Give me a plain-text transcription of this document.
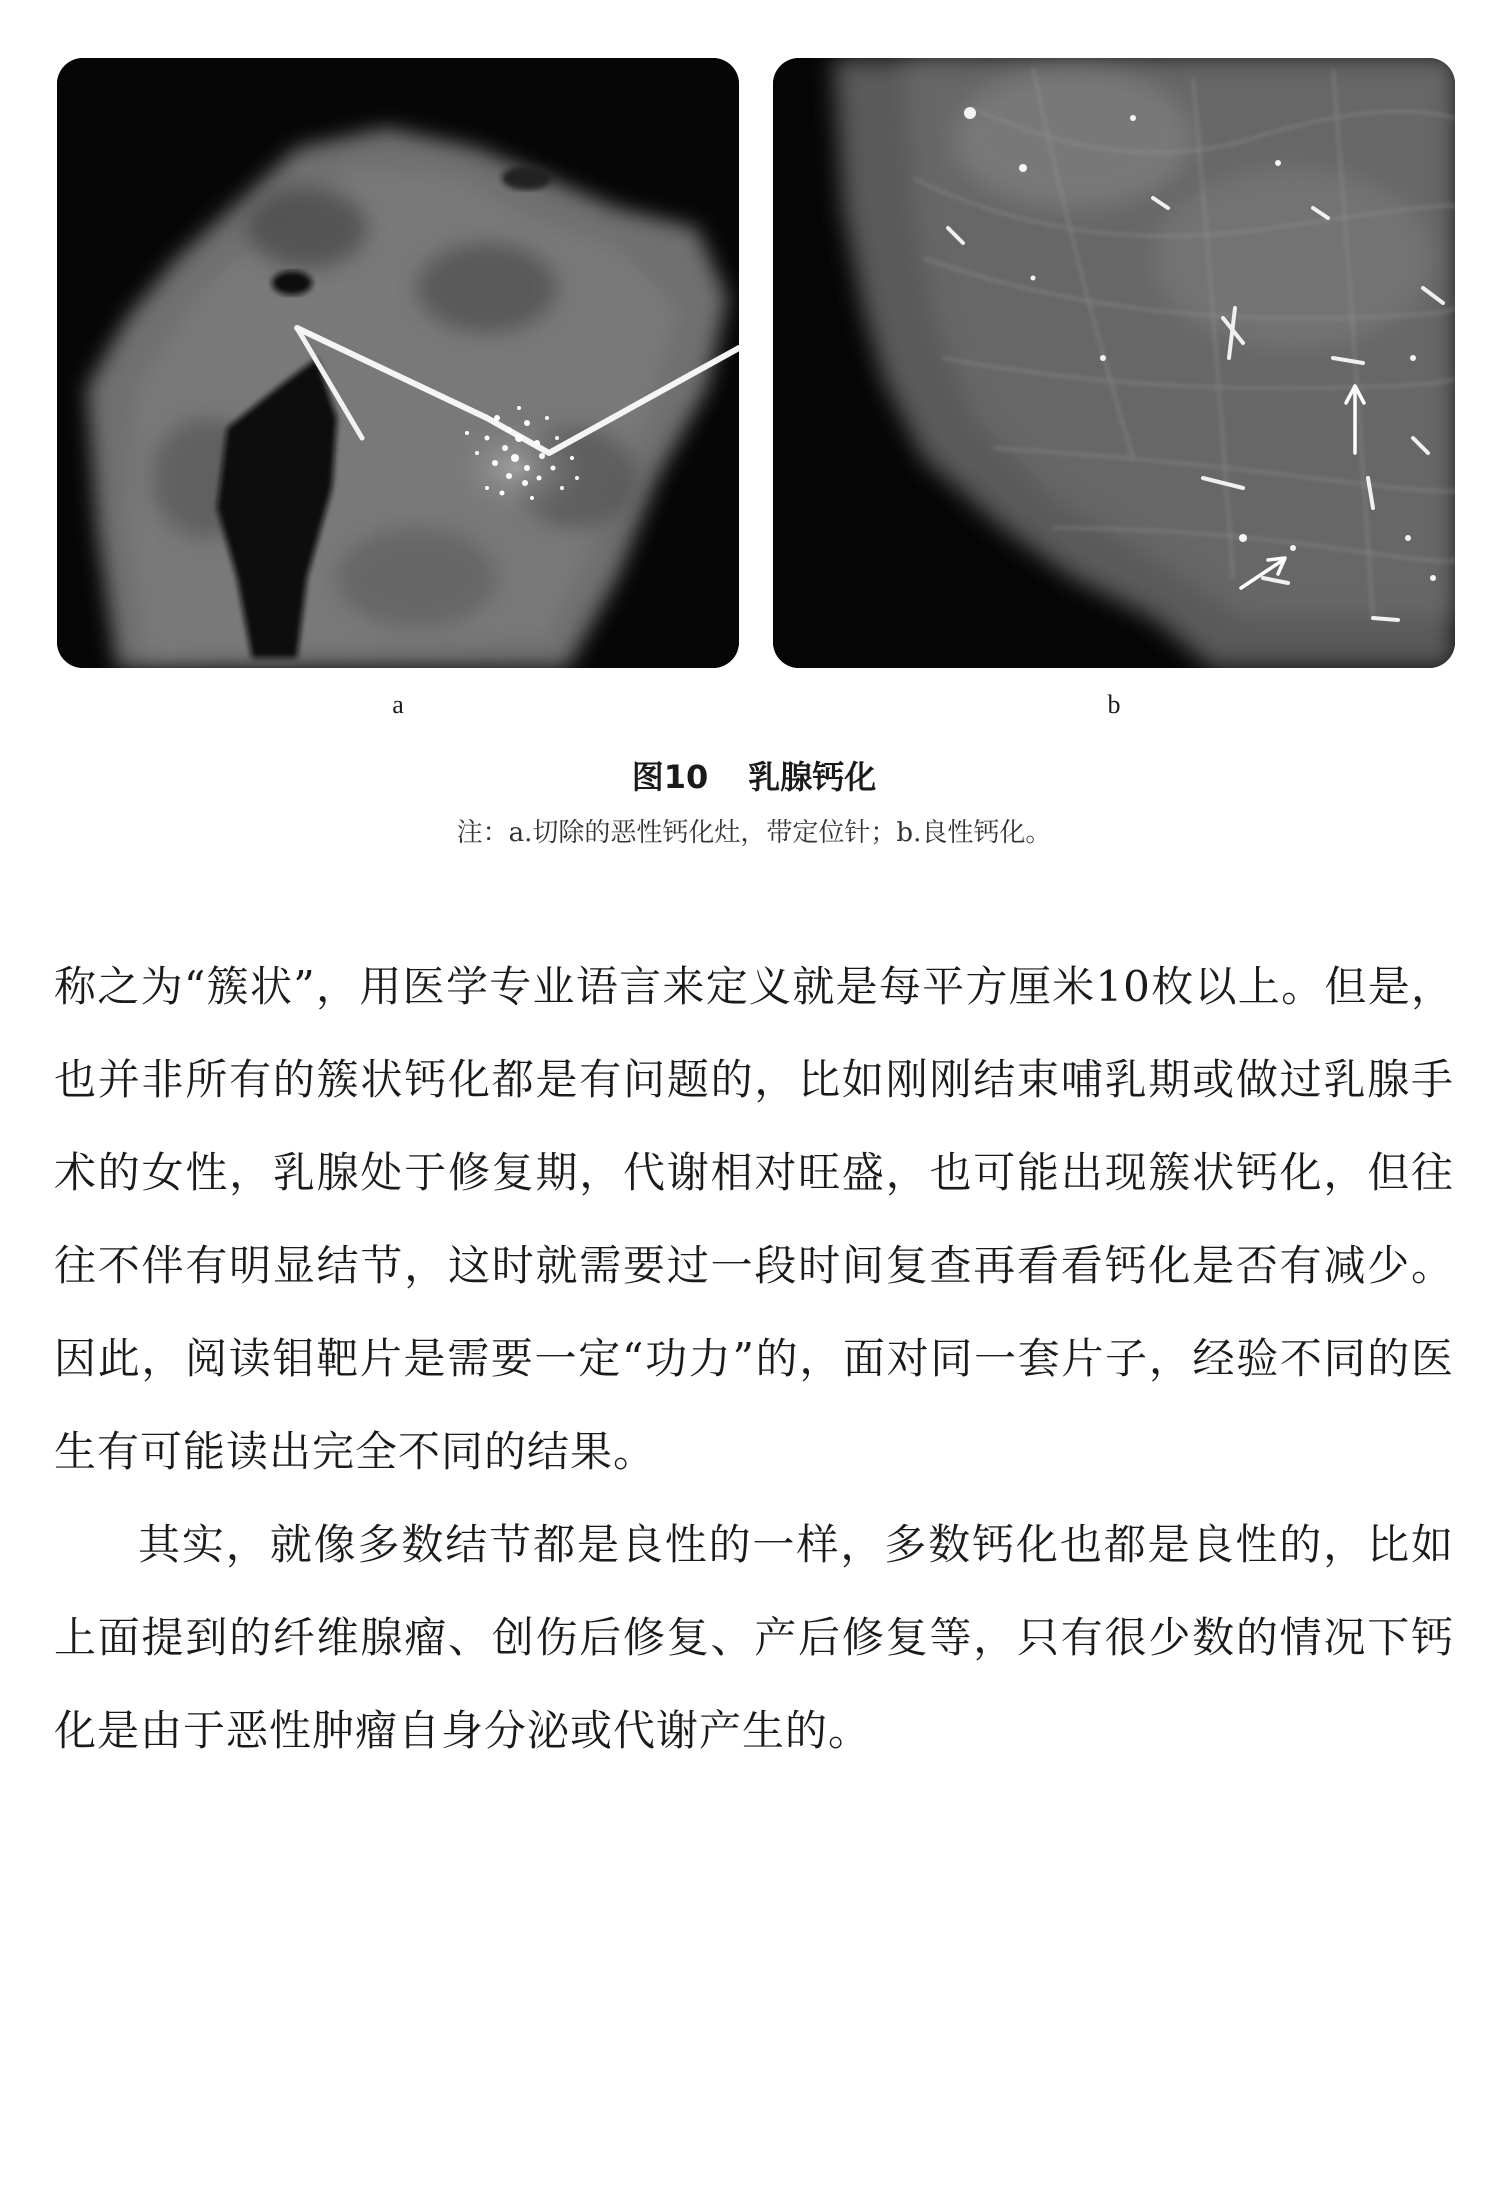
a	b
图10 乳腺钙化
注：a.切除的恶性钙化灶，带定位针；b.良性钙化。

称之为“簇状”，用医学专业语言来定义就是每平方厘米10枚以上。但是，也并非所有的簇状钙化都是有问题的，比如刚刚结束哺乳期或做过乳腺手术的女性，乳腺处于修复期，代谢相对旺盛，也可能出现簇状钙化，但往往不伴有明显结节，这时就需要过一段时间复查再看看钙化是否有减少。因此，阅读钼靶片是需要一定“功力”的，面对同一套片子，经验不同的医生有可能读出完全不同的结果。

其实，就像多数结节都是良性的一样，多数钙化也都是良性的，比如上面提到的纤维腺瘤、创伤后修复、产后修复等，只有很少数的情况下钙化是由于恶性肿瘤自身分泌或代谢产生的。
